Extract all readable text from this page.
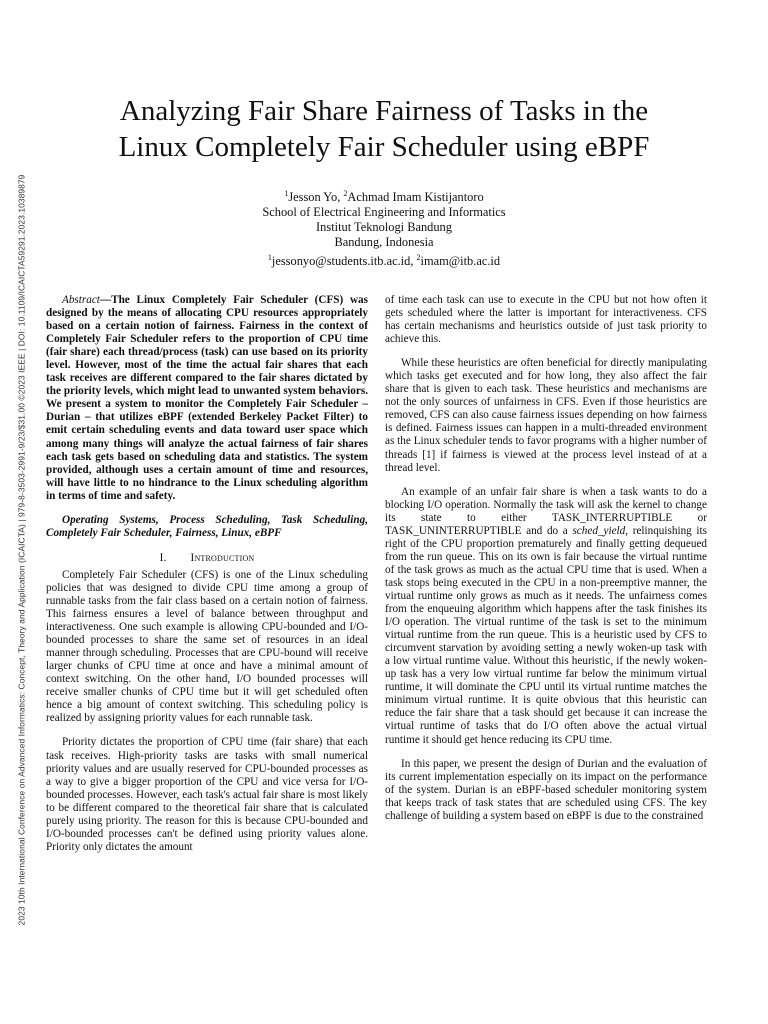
2023 10th International Conference on Advanced Informatics: Concept, Theory and Application (ICAICTA) | 979-8-3503-2991-9/23/$31.00 ©2023 IEEE | DOI: 10.1109/ICAICTA59291.2023.10389879
Analyzing Fair Share Fairness of Tasks in the
Linux Completely Fair Scheduler using eBPF
$^1$Jesson Yo, $^2$Achmad Imam Kistijantoro
School of Electrical Engineering and Informatics
Institut Teknologi Bandung
Bandung, Indonesia
$^1$jessonyo@students.itb.ac.id, $^2$imam@itb.ac.id

Abstract—The Linux Completely Fair Scheduler (CFS) was designed by the means of allocating CPU resources appropriately based on a certain notion of fairness. Fairness in the context of Completely Fair Scheduler refers to the proportion of CPU time (fair share) each thread/process (task) can use based on its priority level. However, most of the time the actual fair shares that each task receives are different compared to the fair shares dictated by the priority levels, which might lead to unwanted system behaviors. We present a system to monitor the Completely Fair Scheduler – Durian – that utilizes eBPF (extended Berkeley Packet Filter) to emit certain scheduling events and data toward user space which among many things will analyze the actual fairness of fair shares each task gets based on scheduling data and statistics. The system provided, although uses a certain amount of time and resources, will have little to no hindrance to the Linux scheduling algorithm in terms of time and safety.

Operating Systems, Process Scheduling, Task Scheduling, Completely Fair Scheduler, Fairness, Linux, eBPF

I. Introduction

Completely Fair Scheduler (CFS) is one of the Linux scheduling policies that was designed to divide CPU time among a group of runnable tasks from the fair class based on a certain notion of fairness. This fairness ensures a level of balance between throughput and interactiveness. One such example is allowing CPU-bounded and I/O-bounded processes to share the same set of resources in an ideal manner through scheduling. Processes that are CPU-bound will receive larger chunks of CPU time at once and have a minimal amount of context switching. On the other hand, I/O bounded processes will receive smaller chunks of CPU time but it will get scheduled often hence a big amount of context switching. This scheduling policy is realized by assigning priority values for each runnable task.

Priority dictates the proportion of CPU time (fair share) that each task receives. High-priority tasks are tasks with small numerical priority values and are usually reserved for CPU-bounded processes as a way to give a bigger proportion of the CPU and vice versa for I/O-bounded processes. However, each task's actual fair share is most likely to be different compared to the theoretical fair share that is calculated purely using priority. The reason for this is because CPU-bounded and I/O-bounded processes can't be defined using priority values alone. Priority only dictates the amount

of time each task can use to execute in the CPU but not how often it gets scheduled where the latter is important for interactiveness. CFS has certain mechanisms and heuristics outside of just task priority to achieve this.

While these heuristics are often beneficial for directly manipulating which tasks get executed and for how long, they also affect the fair share that is given to each task. These heuristics and mechanisms are not the only sources of unfairness in CFS. Even if those heuristics are removed, CFS can also cause fairness issues depending on how fairness is defined. Fairness issues can happen in a multi-threaded environment as the Linux scheduler tends to favor programs with a higher number of threads [1] if fairness is viewed at the process level instead of at a thread level.

An example of an unfair fair share is when a task wants to do a blocking I/O operation. Normally the task will ask the kernel to change its state to either TASK_INTERRUPTIBLE or TASK_UNINTERRUPTIBLE and do a sched_yield, relinquishing its right of the CPU proportion prematurely and finally getting dequeued from the run queue. This on its own is fair because the virtual runtime of the task grows as much as the actual CPU time that is used. When a task stops being executed in the CPU in a non-preemptive manner, the virtual runtime only grows as much as it needs. The unfairness comes from the enqueuing algorithm which happens after the task finishes its I/O operation. The virtual runtime of the task is set to the minimum virtual runtime from the run queue. This is a heuristic used by CFS to circumvent starvation by avoiding setting a newly woken-up task with a low virtual runtime value. Without this heuristic, if the newly woken-up task has a very low virtual runtime far below the minimum virtual runtime, it will dominate the CPU until its virtual runtime matches the minimum virtual runtime. It is quite obvious that this heuristic can reduce the fair share that a task should get because it can increase the virtual runtime of tasks that do I/O often above the actual virtual runtime it should get hence reducing its CPU time.

In this paper, we present the design of Durian and the evaluation of its current implementation especially on its impact on the performance of the system. Durian is an eBPF-based scheduler monitoring system that keeps track of task states that are scheduled using CFS. The key challenge of building a system based on eBPF is due to the constrained
